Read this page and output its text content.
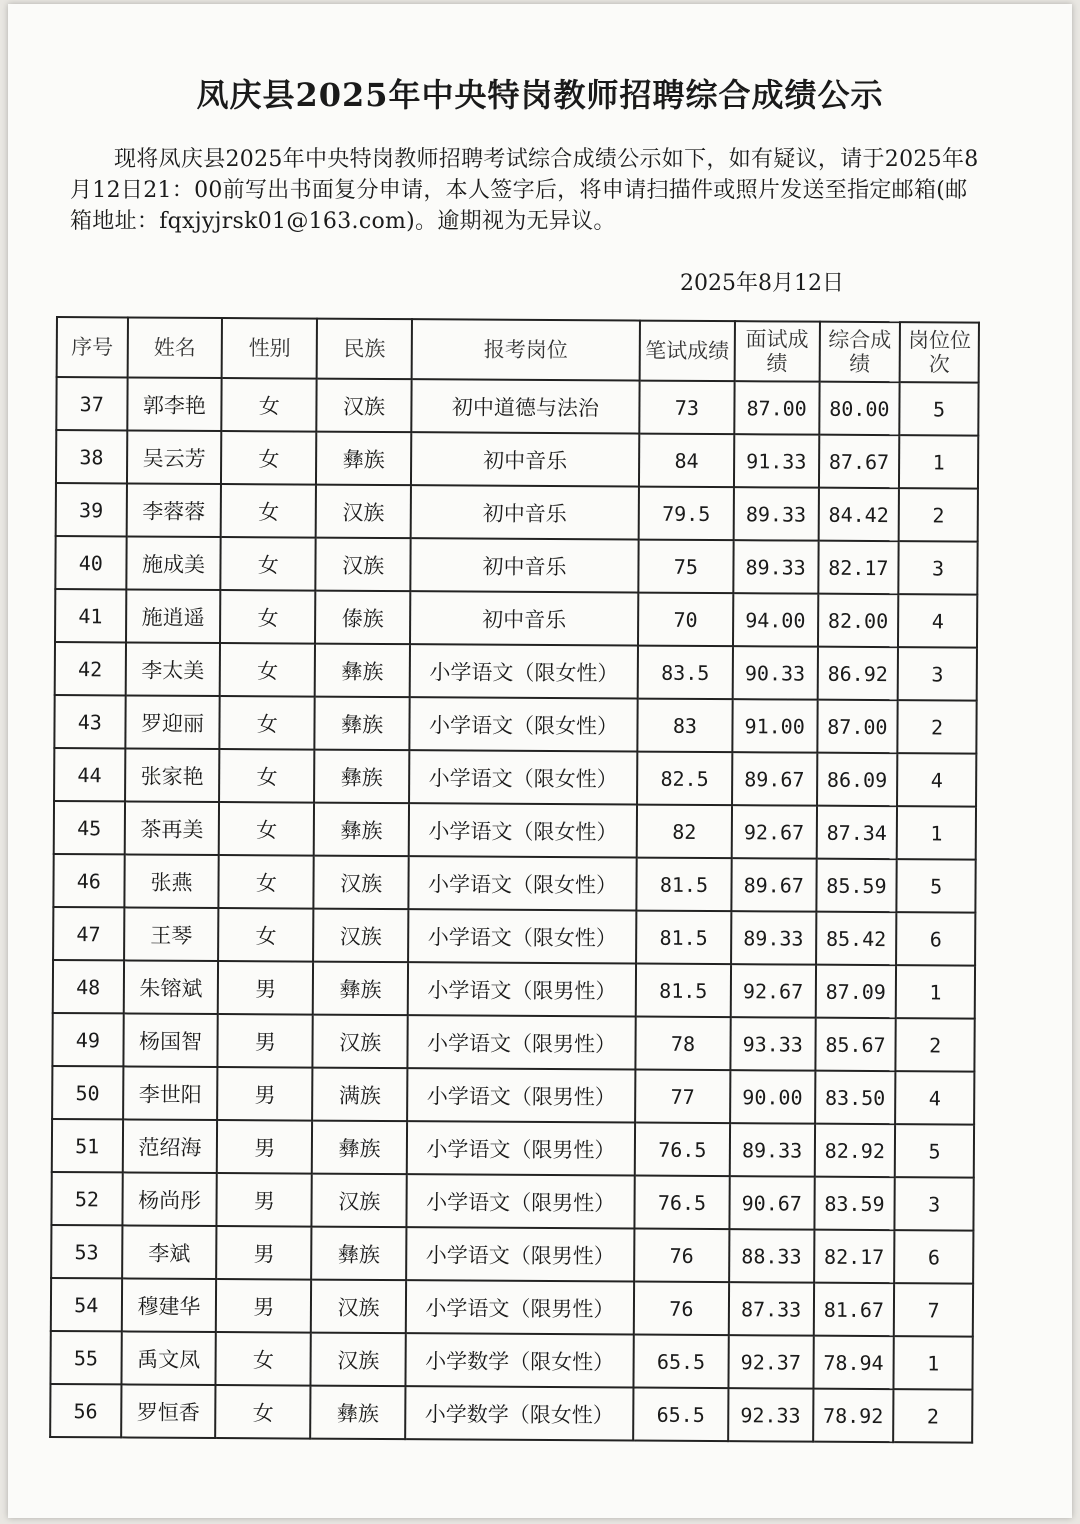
凤庆县2025年中央特岗教师招聘综合成绩公示
现将凤庆县2025年中央特岗教师招聘考试综合成绩公示如下，如有疑议，请于2025年8月12日21：00前写出书面复分申请，本人签字后，将申请扫描件或照片发送至指定邮箱(邮箱地址：fqxjyjrsk01@163.com)。逾期视为无异议。
2025年8月12日
序号	姓名	性别	民族	报考岗位	笔试成绩	面试成绩	综合成绩	岗位位次
37	郭李艳	女	汉族	初中道德与法治	73	87.00	80.00	5
38	吴云芳	女	彝族	初中音乐	84	91.33	87.67	1
39	李蓉蓉	女	汉族	初中音乐	79.5	89.33	84.42	2
40	施成美	女	汉族	初中音乐	75	89.33	82.17	3
41	施逍遥	女	傣族	初中音乐	70	94.00	82.00	4
42	李太美	女	彝族	小学语文（限女性）	83.5	90.33	86.92	3
43	罗迎丽	女	彝族	小学语文（限女性）	83	91.00	87.00	2
44	张家艳	女	彝族	小学语文（限女性）	82.5	89.67	86.09	4
45	茶再美	女	彝族	小学语文（限女性）	82	92.67	87.34	1
46	张燕	女	汉族	小学语文（限女性）	81.5	89.67	85.59	5
47	王琴	女	汉族	小学语文（限女性）	81.5	89.33	85.42	6
48	朱镕斌	男	彝族	小学语文（限男性）	81.5	92.67	87.09	1
49	杨国智	男	汉族	小学语文（限男性）	78	93.33	85.67	2
50	李世阳	男	满族	小学语文（限男性）	77	90.00	83.50	4
51	范绍海	男	彝族	小学语文（限男性）	76.5	89.33	82.92	5
52	杨尚彤	男	汉族	小学语文（限男性）	76.5	90.67	83.59	3
53	李斌	男	彝族	小学语文（限男性）	76	88.33	82.17	6
54	穆建华	男	汉族	小学语文（限男性）	76	87.33	81.67	7
55	禹文凤	女	汉族	小学数学（限女性）	65.5	92.37	78.94	1
56	罗恒香	女	彝族	小学数学（限女性）	65.5	92.33	78.92	2
